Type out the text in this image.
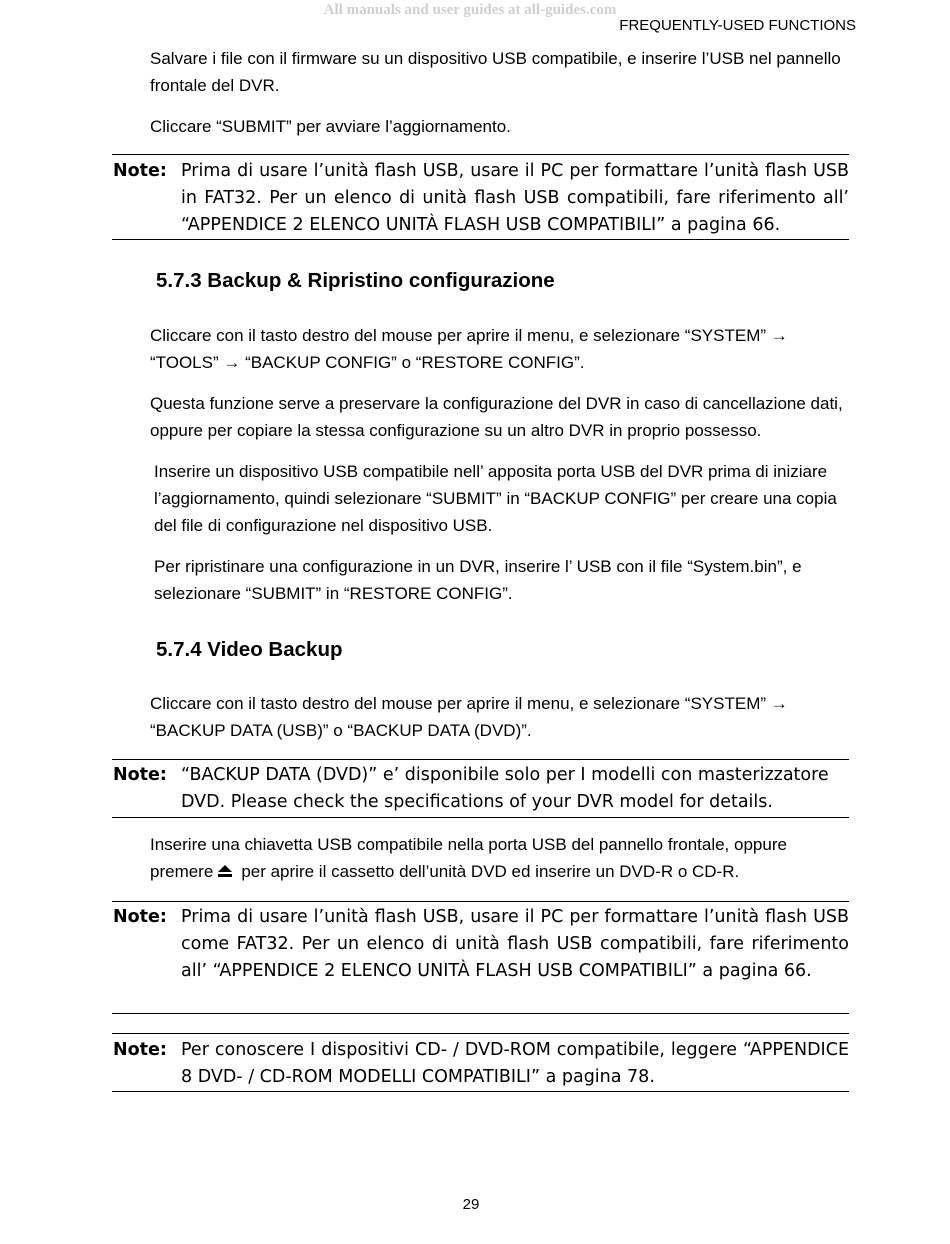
All manuals and user guides at all-guides.com
FREQUENTLY-USED FUNCTIONS

Salvare i file con il firmware su un dispositivo USB compatibile, e inserire l’USB nel pannello frontale del DVR.

Cliccare “SUBMIT” per avviare l’aggiornamento.

Note: Prima di usare l’unità flash USB, usare il PC per formattare l’unità flash USB in FAT32. Per un elenco di unità flash USB compatibili, fare riferimento all’ “APPENDICE 2 ELENCO UNITÀ FLASH USB COMPATIBILI” a pagina 66.
5.7.3 Backup & Ripristino configurazione

Cliccare con il tasto destro del mouse per aprire il menu, e selezionare “SYSTEM” → “TOOLS” → “BACKUP CONFIG” o “RESTORE CONFIG”.

Questa funzione serve a preservare la configurazione del DVR in caso di cancellazione dati, oppure per copiare la stessa configurazione su un altro DVR in proprio possesso.

Inserire un dispositivo USB compatibile nell’ apposita porta USB del DVR prima di iniziare l’aggiornamento, quindi selezionare “SUBMIT” in “BACKUP CONFIG” per creare una copia del file di configurazione nel dispositivo USB.

Per ripristinare una configurazione in un DVR, inserire l’ USB con il file “System.bin”, e selezionare “SUBMIT” in “RESTORE CONFIG”.

5.7.4 Video Backup

Cliccare con il tasto destro del mouse per aprire il menu, e selezionare “SYSTEM” → “BACKUP DATA (USB)” o “BACKUP DATA (DVD)”.

Note: “BACKUP DATA (DVD)” e’ disponibile solo per I modelli con masterizzatore DVD. Please check the specifications of your DVR model for details.
Inserire una chiavetta USB compatibile nella porta USB del pannello frontale, oppure
premere per aprire il cassetto dell’unità DVD ed inserire un DVD-R o CD-R.
Note: Prima di usare l’unità flash USB, usare il PC per formattare l’unità flash USB come FAT32. Per un elenco di unità flash USB compatibili, fare riferimento all’ “APPENDICE 2 ELENCO UNITÀ FLASH USB COMPATIBILI” a pagina 66.
Note: Per conoscere I dispositivi CD- / DVD-ROM compatibile, leggere “APPENDICE 8 DVD- / CD-ROM MODELLI COMPATIBILI” a pagina 78.
29
